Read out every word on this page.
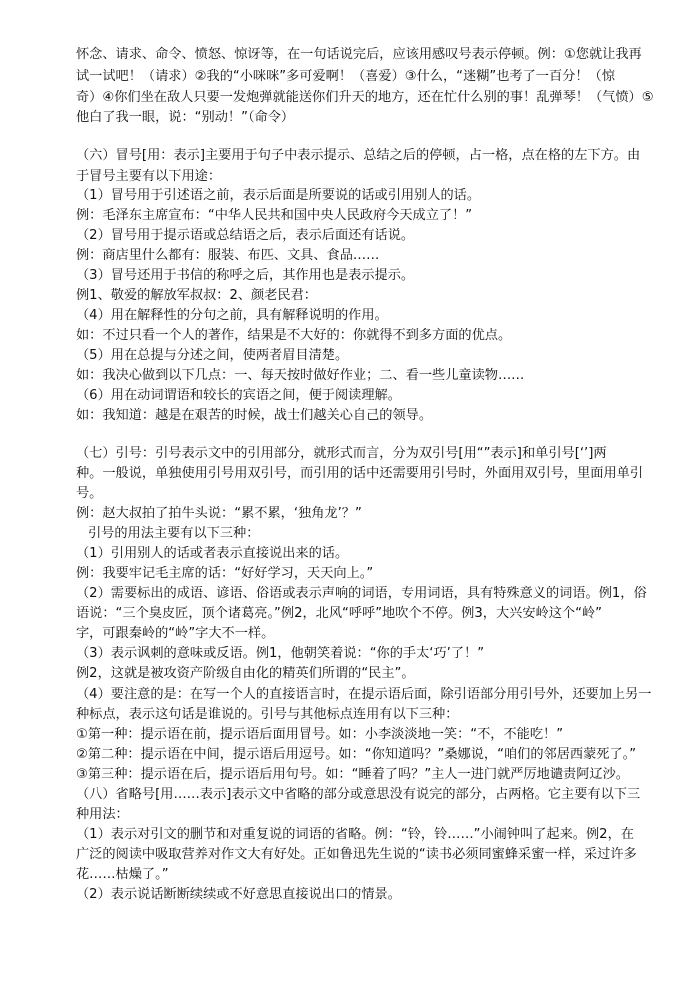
怀念、请求、命令、愤怒、惊讶等，在一句话说完后，应该用感叹号表示停顿。例：①您就让我再
试一试吧！（请求）②我的“小咪咪”多可爱啊！（喜爱）③什么，“迷糊”也考了一百分！（惊
奇）④你们坐在敌人只要一发炮弹就能送你们升天的地方，还在忙什么别的事！乱弹琴！（气愤）⑤
他白了我一眼，说：“别动！”（命令）
（六）冒号[用：表示]主要用于句子中表示提示、总结之后的停顿，占一格，点在格的左下方。由
于冒号主要有以下用途：
（1）冒号用于引述语之前，表示后面是所要说的话或引用别人的话。
例：毛泽东主席宣布：“中华人民共和国中央人民政府今天成立了！”
（2）冒号用于提示语或总结语之后，表示后面还有话说。
例：商店里什么都有：服装、布匹、文具、食品……
（3）冒号还用于书信的称呼之后，其作用也是表示提示。
例1、敬爱的解放军叔叔：2、颜老民君：
（4）用在解释性的分句之前，具有解释说明的作用。
如：不过只看一个人的著作，结果是不大好的：你就得不到多方面的优点。
（5）用在总提与分述之间，使两者眉目清楚。
如：我决心做到以下几点：一、每天按时做好作业；二、看一些儿童读物……
（6）用在动词谓语和较长的宾语之间，便于阅读理解。
如：我知道：越是在艰苦的时候，战士们越关心自己的领导。
（七）引号：引号表示文中的引用部分，就形式而言，分为双引号[用“”表示]和单引号[‘’]两
种。一般说，单独使用引号用双引号，而引用的话中还需要用引号时，外面用双引号，里面用单引
号。
例：赵大叔拍了拍牛头说：“累不累，‘独角龙’？”
引号的用法主要有以下三种：
（1）引用别人的话或者表示直接说出来的话。
例：我要牢记毛主席的话：“好好学习，天天向上。”
（2）需要标出的成语、谚语、俗语或表示声响的词语，专用词语，具有特殊意义的词语。例1，俗
语说：“三个臭皮匠，顶个诸葛亮。”例2，北风“呼呼”地吹个不停。例3，大兴安岭这个“岭”
字，可跟秦岭的“岭”字大不一样。
（3）表示讽刺的意味或反语。例1，他朝笑着说：“你的手太‘巧’了！”
例2，这就是被攻资产阶级自由化的精英们所谓的“民主”。
（4）要注意的是：在写一个人的直接语言时，在提示语后面，除引语部分用引号外，还要加上另一
种标点，表示这句话是谁说的。引号与其他标点连用有以下三种：
①第一种：提示语在前，提示语后面用冒号。如：小李淡淡地一笑：“不，不能吃！”
②第二种：提示语在中间，提示语后用逗号。如：“你知道吗？”桑娜说，“咱们的邻居西蒙死了。”
③第三种：提示语在后，提示语后用句号。如：“睡着了吗？”主人一进门就严厉地谴责阿辽沙。
（八）省略号[用……表示]表示文中省略的部分或意思没有说完的部分，占两格。它主要有以下三
种用法：
（1）表示对引文的删节和对重复说的词语的省略。例：“铃，铃……”小闹钟叫了起来。例2，在
广泛的阅读中吸取营养对作文大有好处。正如鲁迅先生说的“读书必须同蜜蜂采蜜一样，采过许多
花……枯燥了。”
（2）表示说话断断续续或不好意思直接说出口的情景。
